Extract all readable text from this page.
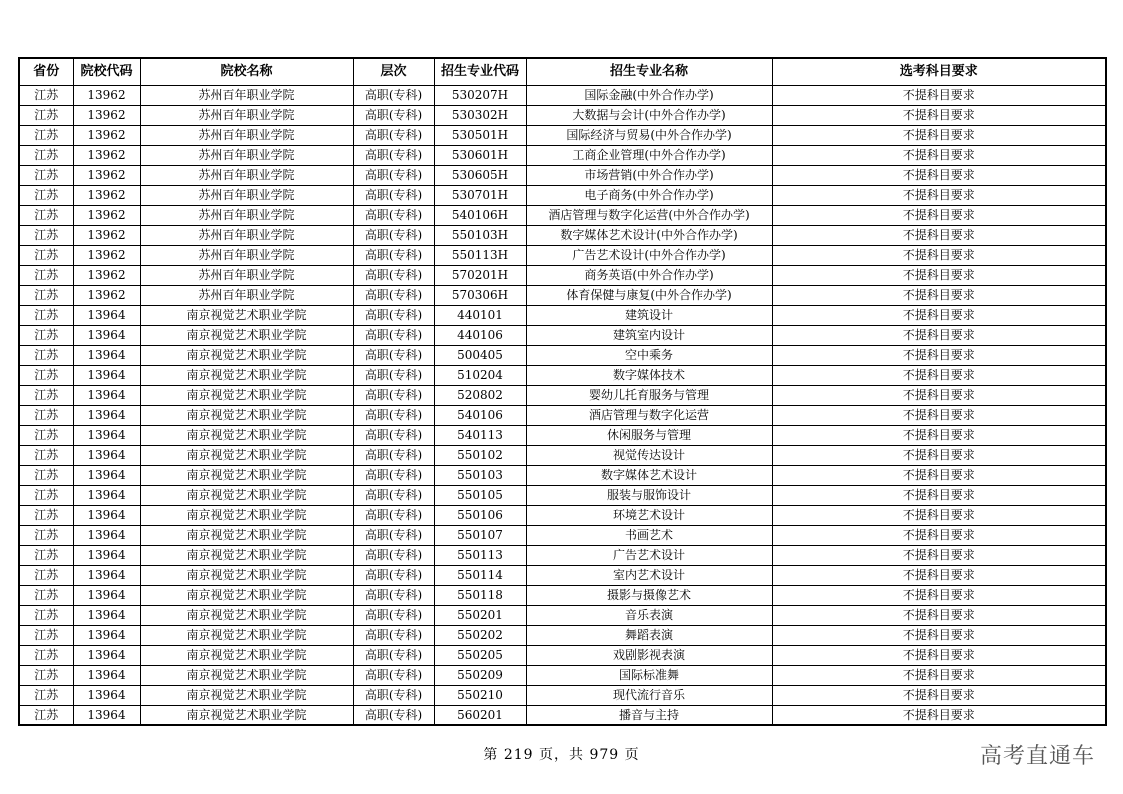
省份	院校代码	院校名称	层次	招生专业代码	招生专业名称	选考科目要求
江苏	13962	苏州百年职业学院	高职(专科)	530207H	国际金融(中外合作办学)	不提科目要求
江苏	13962	苏州百年职业学院	高职(专科)	530302H	大数据与会计(中外合作办学)	不提科目要求
江苏	13962	苏州百年职业学院	高职(专科)	530501H	国际经济与贸易(中外合作办学)	不提科目要求
江苏	13962	苏州百年职业学院	高职(专科)	530601H	工商企业管理(中外合作办学)	不提科目要求
江苏	13962	苏州百年职业学院	高职(专科)	530605H	市场营销(中外合作办学)	不提科目要求
江苏	13962	苏州百年职业学院	高职(专科)	530701H	电子商务(中外合作办学)	不提科目要求
江苏	13962	苏州百年职业学院	高职(专科)	540106H	酒店管理与数字化运营(中外合作办学)	不提科目要求
江苏	13962	苏州百年职业学院	高职(专科)	550103H	数字媒体艺术设计(中外合作办学)	不提科目要求
江苏	13962	苏州百年职业学院	高职(专科)	550113H	广告艺术设计(中外合作办学)	不提科目要求
江苏	13962	苏州百年职业学院	高职(专科)	570201H	商务英语(中外合作办学)	不提科目要求
江苏	13962	苏州百年职业学院	高职(专科)	570306H	体育保健与康复(中外合作办学)	不提科目要求
江苏	13964	南京视觉艺术职业学院	高职(专科)	440101	建筑设计	不提科目要求
江苏	13964	南京视觉艺术职业学院	高职(专科)	440106	建筑室内设计	不提科目要求
江苏	13964	南京视觉艺术职业学院	高职(专科)	500405	空中乘务	不提科目要求
江苏	13964	南京视觉艺术职业学院	高职(专科)	510204	数字媒体技术	不提科目要求
江苏	13964	南京视觉艺术职业学院	高职(专科)	520802	婴幼儿托育服务与管理	不提科目要求
江苏	13964	南京视觉艺术职业学院	高职(专科)	540106	酒店管理与数字化运营	不提科目要求
江苏	13964	南京视觉艺术职业学院	高职(专科)	540113	休闲服务与管理	不提科目要求
江苏	13964	南京视觉艺术职业学院	高职(专科)	550102	视觉传达设计	不提科目要求
江苏	13964	南京视觉艺术职业学院	高职(专科)	550103	数字媒体艺术设计	不提科目要求
江苏	13964	南京视觉艺术职业学院	高职(专科)	550105	服装与服饰设计	不提科目要求
江苏	13964	南京视觉艺术职业学院	高职(专科)	550106	环境艺术设计	不提科目要求
江苏	13964	南京视觉艺术职业学院	高职(专科)	550107	书画艺术	不提科目要求
江苏	13964	南京视觉艺术职业学院	高职(专科)	550113	广告艺术设计	不提科目要求
江苏	13964	南京视觉艺术职业学院	高职(专科)	550114	室内艺术设计	不提科目要求
江苏	13964	南京视觉艺术职业学院	高职(专科)	550118	摄影与摄像艺术	不提科目要求
江苏	13964	南京视觉艺术职业学院	高职(专科)	550201	音乐表演	不提科目要求
江苏	13964	南京视觉艺术职业学院	高职(专科)	550202	舞蹈表演	不提科目要求
江苏	13964	南京视觉艺术职业学院	高职(专科)	550205	戏剧影视表演	不提科目要求
江苏	13964	南京视觉艺术职业学院	高职(专科)	550209	国际标准舞	不提科目要求
江苏	13964	南京视觉艺术职业学院	高职(专科)	550210	现代流行音乐	不提科目要求
江苏	13964	南京视觉艺术职业学院	高职(专科)	560201	播音与主持	不提科目要求
第 219 页，共 979 页	高考直通车
